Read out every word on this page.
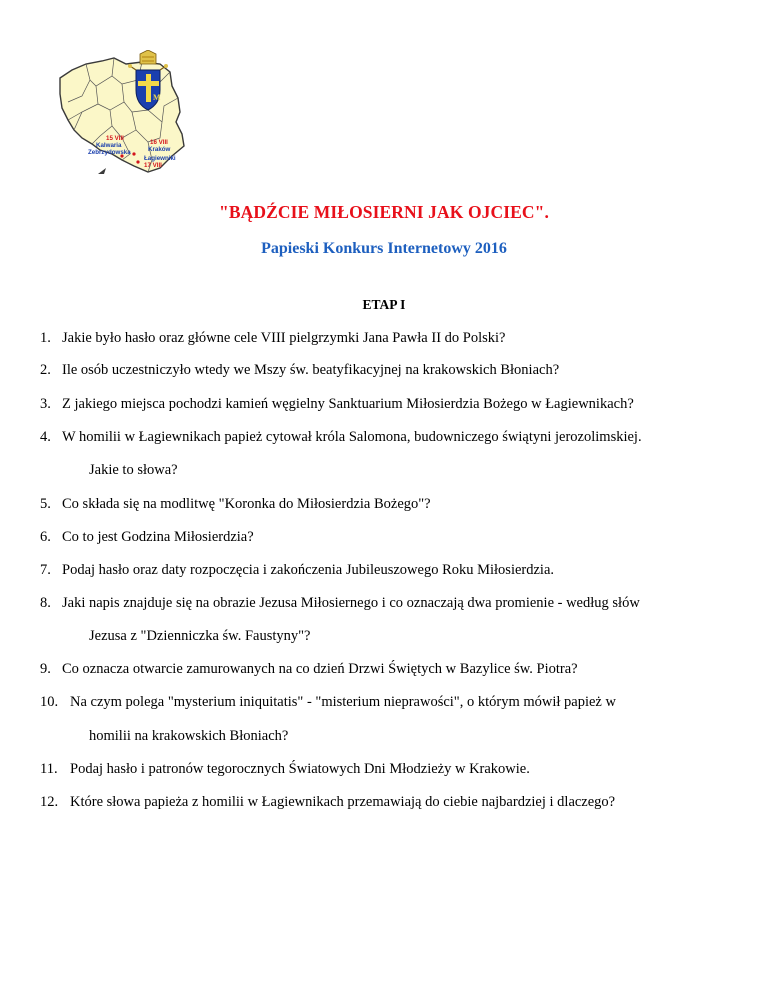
M
15 VIII
Kalwaria
Zebrzydowska
16 VIII
Kraków
Łagiewniki
17 VIII
"BĄDŹCIE MIŁOSIERNI JAK OJCIEC".
Papieski Konkurs Internetowy 2016
ETAP I
1. Jakie było hasło oraz główne cele VIII pielgrzymki Jana Pawła II do Polski?
2. Ile osób uczestniczyło wtedy we Mszy św. beatyfikacyjnej na krakowskich Błoniach?
3. Z jakiego miejsca pochodzi kamień węgielny Sanktuarium Miłosierdzia Bożego w Łagiewnikach?
4. W homilii w Łagiewnikach papież cytował króla Salomona, budowniczego świątyni jerozolimskiej.
Jakie to słowa?
5. Co składa się na modlitwę "Koronka do Miłosierdzia Bożego"?
6. Co to jest Godzina Miłosierdzia?
7. Podaj hasło oraz daty rozpoczęcia i zakończenia Jubileuszowego Roku Miłosierdzia.
8. Jaki napis znajduje się na obrazie Jezusa Miłosiernego i co oznaczają dwa promienie - według słów
Jezusa z "Dzienniczka św. Faustyny"?
9. Co oznacza otwarcie zamurowanych na co dzień Drzwi Świętych w Bazylice św. Piotra?
10. Na czym polega "mysterium iniquitatis" - "misterium nieprawości", o którym mówił papież w
homilii na krakowskich Błoniach?
11. Podaj hasło i patronów tegorocznych Światowych Dni Młodzieży w Krakowie.
12. Które słowa papieża z homilii w Łagiewnikach przemawiają do ciebie najbardziej i dlaczego?
